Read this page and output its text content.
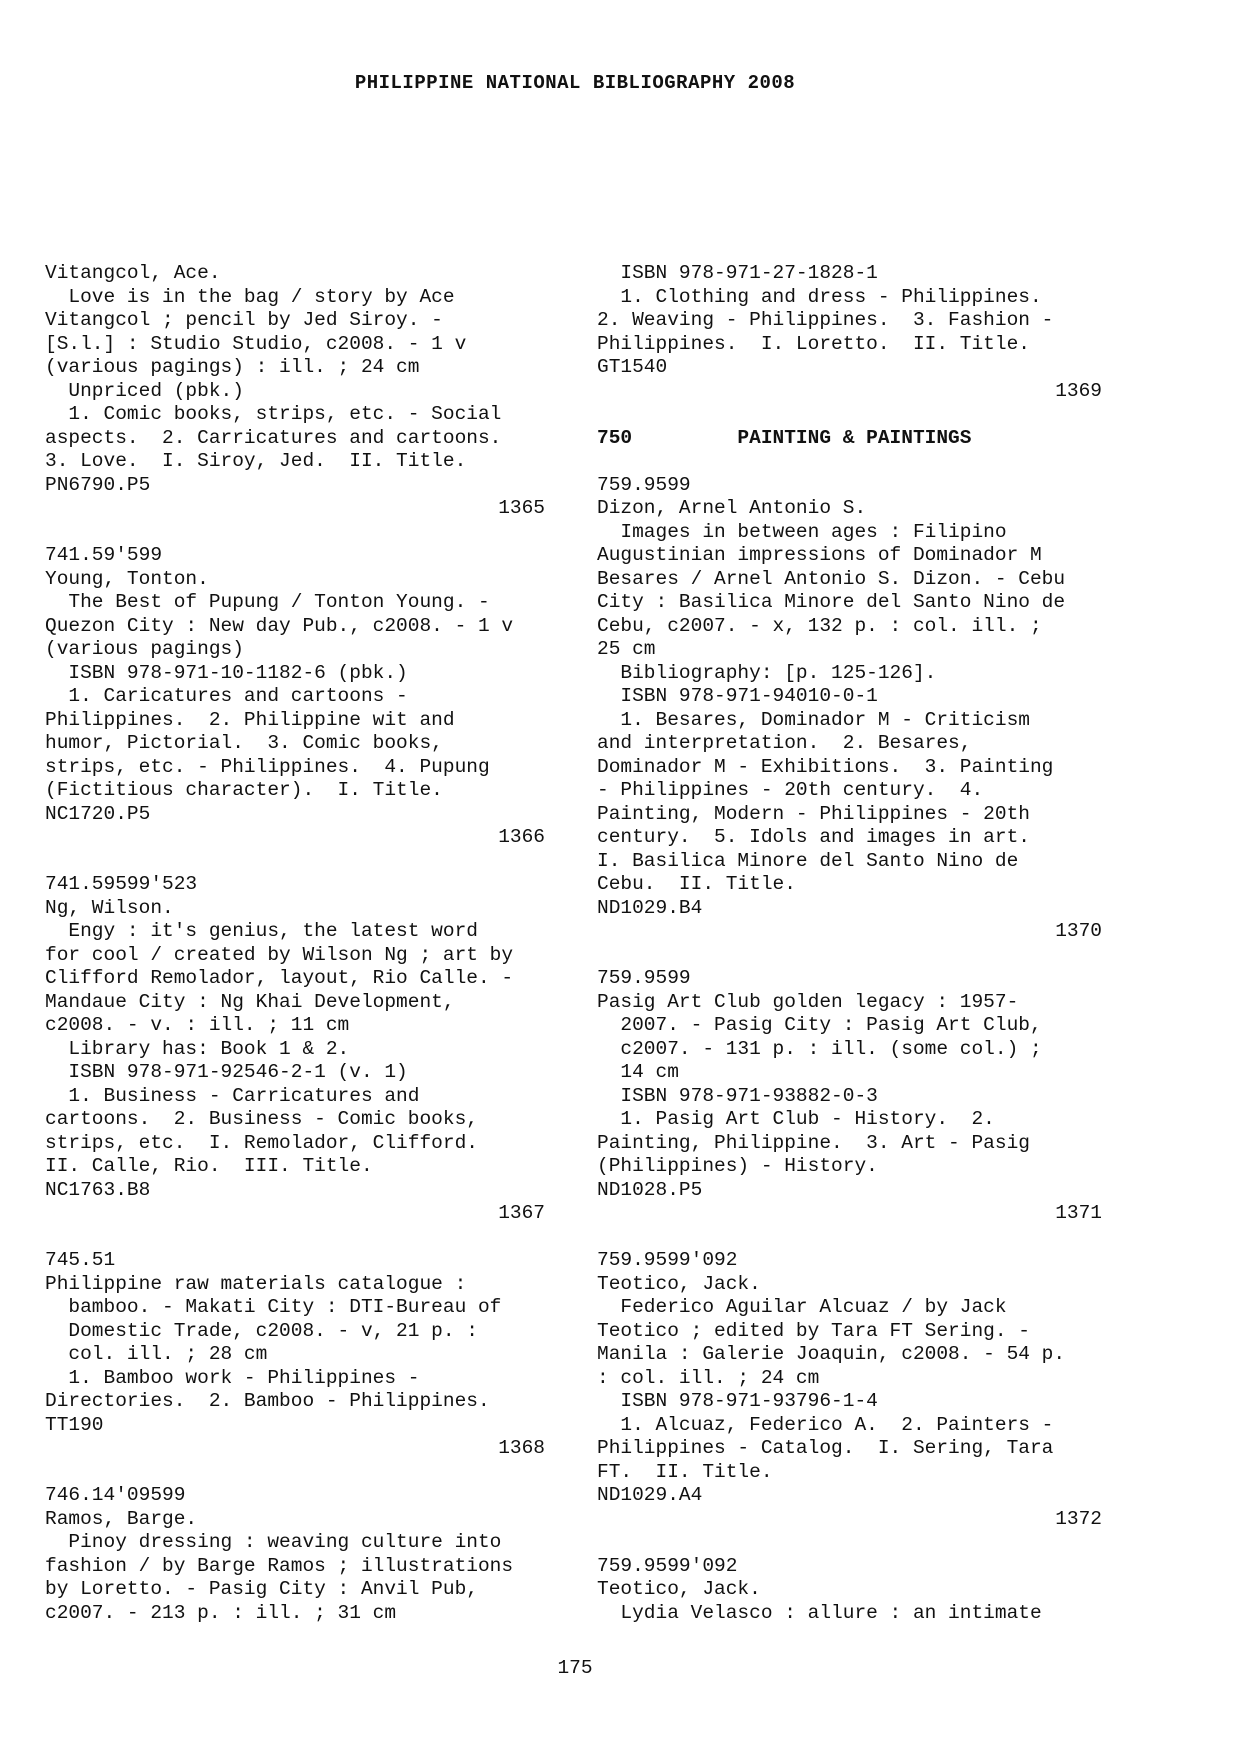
PHILIPPINE NATIONAL BIBLIOGRAPHY 2008
Vitangcol, Ace.
Love is in the bag / story by Ace
Vitangcol ; pencil by Jed Siroy. -
[S.l.] : Studio Studio, c2008. - 1 v
(various pagings) : ill. ; 24 cm
Unpriced (pbk.)
1. Comic books, strips, etc. - Social
aspects.  2. Carricatures and cartoons.
3. Love.  I. Siroy, Jed.  II. Title.
PN6790.P5
1365
741.59'599
Young, Tonton.
The Best of Pupung / Tonton Young. -
Quezon City : New day Pub., c2008. - 1 v
(various pagings)
ISBN 978-971-10-1182-6 (pbk.)
1. Caricatures and cartoons -
Philippines.  2. Philippine wit and
humor, Pictorial.  3. Comic books,
strips, etc. - Philippines.  4. Pupung
(Fictitious character).  I. Title.
NC1720.P5
1366
741.59599'523
Ng, Wilson.
Engy : it's genius, the latest word
for cool / created by Wilson Ng ; art by
Clifford Remolador, layout, Rio Calle. -
Mandaue City : Ng Khai Development,
c2008. - v. : ill. ; 11 cm
Library has: Book 1 & 2.
ISBN 978-971-92546-2-1 (v. 1)
1. Business - Carricatures and
cartoons.  2. Business - Comic books,
strips, etc.  I. Remolador, Clifford.
II. Calle, Rio.  III. Title.
NC1763.B8
1367
745.51
Philippine raw materials catalogue :
bamboo. - Makati City : DTI-Bureau of
Domestic Trade, c2008. - v, 21 p. :
col. ill. ; 28 cm
1. Bamboo work - Philippines -
Directories.  2. Bamboo - Philippines.
TT190
1368
746.14'09599
Ramos, Barge.
Pinoy dressing : weaving culture into
fashion / by Barge Ramos ; illustrations
by Loretto. - Pasig City : Anvil Pub,
c2007. - 213 p. : ill. ; 31 cm
ISBN 978-971-27-1828-1
1. Clothing and dress - Philippines.
2. Weaving - Philippines.  3. Fashion -
Philippines.  I. Loretto.  II. Title.
GT1540
1369
750         PAINTING & PAINTINGS
759.9599
Dizon, Arnel Antonio S.
Images in between ages : Filipino
Augustinian impressions of Dominador M
Besares / Arnel Antonio S. Dizon. - Cebu
City : Basilica Minore del Santo Nino de
Cebu, c2007. - x, 132 p. : col. ill. ;
25 cm
Bibliography: [p. 125-126].
ISBN 978-971-94010-0-1
1. Besares, Dominador M - Criticism
and interpretation.  2. Besares,
Dominador M - Exhibitions.  3. Painting
- Philippines - 20th century.  4.
Painting, Modern - Philippines - 20th
century.  5. Idols and images in art.
I. Basilica Minore del Santo Nino de
Cebu.  II. Title.
ND1029.B4
1370
759.9599
Pasig Art Club golden legacy : 1957-
2007. - Pasig City : Pasig Art Club,
c2007. - 131 p. : ill. (some col.) ;
14 cm
ISBN 978-971-93882-0-3
1. Pasig Art Club - History.  2.
Painting, Philippine.  3. Art - Pasig
(Philippines) - History.
ND1028.P5
1371
759.9599'092
Teotico, Jack.
Federico Aguilar Alcuaz / by Jack
Teotico ; edited by Tara FT Sering. -
Manila : Galerie Joaquin, c2008. - 54 p.
: col. ill. ; 24 cm
ISBN 978-971-93796-1-4
1. Alcuaz, Federico A.  2. Painters -
Philippines - Catalog.  I. Sering, Tara
FT.  II. Title.
ND1029.A4
1372
759.9599'092
Teotico, Jack.
Lydia Velasco : allure : an intimate
175
